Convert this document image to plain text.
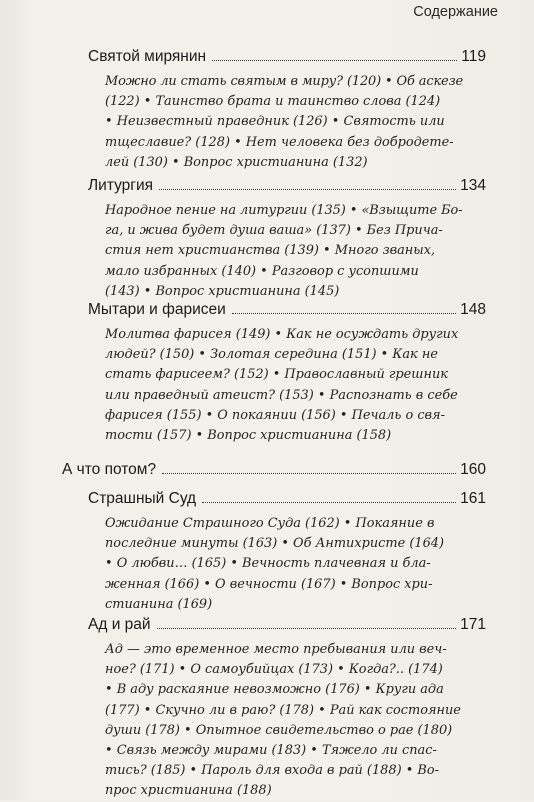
Содержание
Святой мирянин	119

Можно ли стать святым в миру? (120) • Об аскезе

(122) • Таинство брата и таинство слова (124)

• Неизвестный праведник (126) • Святость или

тщеславие? (128) • Нет человека без добродете-

лей (130) • Вопрос христианина (132)

Литургия	134

Народное пение на литургии (135) • «Взыщите Бо-

га, и жива будет душа ваша» (137) • Без Прича-

стия нет христианства (139) • Много званых,

мало избранных (140) • Разговор с усопшими

(143) • Вопрос христианина (145)

Мытари и фарисеи	148

Молитва фарисея (149) • Как не осуждать других

людей? (150) • Золотая середина (151) • Как не

стать фарисеем? (152) • Православный грешник

или праведный атеист? (153) • Распознать в себе

фарисея (155) • О покаянии (156) • Печаль о свя-

тости (157) • Вопрос христианина (158)

А что потом?	160
Страшный Суд	161

Ожидание Страшного Суда (162) • Покаяние в

последние минуты (163) • Об Антихристе (164)

• О любви… (165) • Вечность плачевная и бла-

женная (166) • О вечности (167) • Вопрос хри-

стианина (169)

Ад и рай	171

Ад — это временное место пребывания или веч-

ное? (171) • О самоубийцах (173) • Когда?.. (174)

• В аду раскаяние невозможно (176) • Круги ада

(177) • Скучно ли в раю? (178) • Рай как состояние

души (178) • Опытное свидетельство о рае (180)

• Связь между мирами (183) • Тяжело ли спас-

тись? (185) • Пароль для входа в рай (188) • Во-

прос христианина (188)
